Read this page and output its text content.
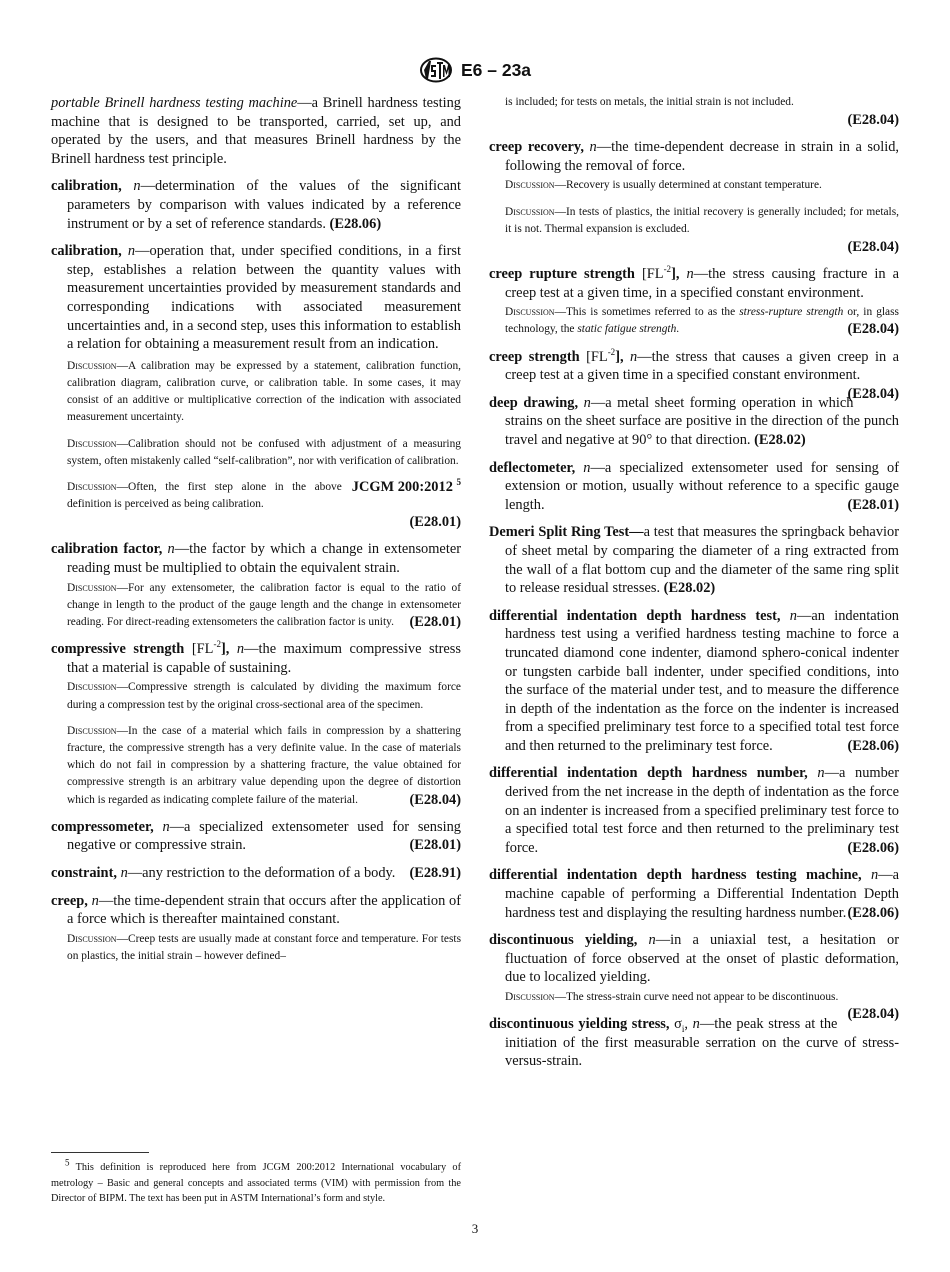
E6 – 23a

portable Brinell hardness testing machine—a Brinell hardness testing machine that is designed to be transported, carried, set up, and operated by the users, and that measures Brinell hardness by the Brinell hardness test principle.

calibration, n—determination of the values of the significant parameters by comparison with values indicated by a reference instrument or by a set of reference standards. (E28.06)

calibration, n—operation that, under specified conditions, in a first step, establishes a relation between the quantity values with measurement uncertainties provided by measurement standards and corresponding indications with associated measurement uncertainties and, in a second step, uses this information to establish a relation for obtaining a measurement result from an indication.

Discussion—A calibration may be expressed by a statement, calibration function, calibration diagram, calibration curve, or calibration table. In some cases, it may consist of an additive or multiplicative correction of the indication with associated measurement uncertainty.
Discussion—Calibration should not be confused with adjustment of a measuring system, often mistakenly called “self-calibration”, nor with verification of calibration.
JCGM 200:2012 $^5$
Discussion—Often, the first step alone in the above definition is perceived as being calibration.
(E28.01)

calibration factor, n—the factor by which a change in extensometer reading must be multiplied to obtain the equivalent strain.

Discussion—For any extensometer, the calibration factor is equal to the ratio of change in length to the product of the gauge length and the change in extensometer reading. For direct-reading extensometers the calibration factor is unity. (E28.01)

compressive strength $[FL^{-2}]$, n—the maximum compressive stress that a material is capable of sustaining.

Discussion—Compressive strength is calculated by dividing the maximum force during a compression test by the original cross-sectional area of the specimen.
Discussion—In the case of a material which fails in compression by a shattering fracture, the compressive strength has a very definite value. In the case of materials which do not fail in compression by a shattering fracture, the value obtained for compressive strength is an arbitrary value depending upon the degree of distortion which is regarded as indicating complete failure of the material.	(E28.04)

compressometer, n—a specialized extensometer used for sensing negative or compressive strain.	(E28.01)

constraint, n—any restriction to the deformation of a body. (E28.91)

creep, n—the time-dependent strain that occurs after the application of a force which is thereafter maintained constant.

Discussion—Creep tests are usually made at constant force and temperature. For tests on plastics, the initial strain – however defined–
$^5$ This definition is reproduced here from JCGM 200:2012 International vocabulary of metrology – Basic and general concepts and associated terms (VIM) with permission from the Director of BIPM. The text has been put in ASTM International’s form and style.
is included; for tests on metals, the initial strain is not included.
(E28.04)

creep recovery, n—the time-dependent decrease in strain in a solid, following the removal of force.

Discussion—Recovery is usually determined at constant temperature.
Discussion—In tests of plastics, the initial recovery is generally included; for metals, it is not. Thermal expansion is excluded.
(E28.04)

creep rupture strength $[FL^{-2}]$, n—the stress causing fracture in a creep test at a given time, in a specified constant environment.

Discussion—This is sometimes referred to as the stress-rupture strength or, in glass technology, the static fatigue strength.	(E28.04)

creep strength $[FL^{-2}]$, n—the stress that causes a given creep in a creep test at a given time in a specified constant environment.
(E28.04)

deep drawing, n—a metal sheet forming operation in which strains on the sheet surface are positive in the direction of the punch travel and negative at 90° to that direction. (E28.02)

deflectometer, n—a specialized extensometer used for sensing of extension or motion, usually without reference to a specific gauge length.	(E28.01)

Demeri Split Ring Test—a test that measures the springback behavior of sheet metal by comparing the diameter of a ring extracted from the wall of a flat bottom cup and the diameter of the same ring split to release residual stresses. (E28.02)

differential indentation depth hardness test, n—an indentation hardness test using a verified hardness testing machine to force a truncated diamond cone indenter, diamond sphero-conical indenter or tungsten carbide ball indenter, under specified conditions, into the surface of the material under test, and to measure the difference in depth of the indentation as the force on the indenter is increased from a specified preliminary test force to a specified total test force and then returned to the preliminary test force.	(E28.06)

differential indentation depth hardness number, n—a number derived from the net increase in the depth of indentation as the force on an indenter is increased from a specified preliminary test force to a specified total test force and then returned to the preliminary test force.	(E28.06)

differential indentation depth hardness testing machine, n—a machine capable of performing a Differential Indentation Depth hardness test and displaying the resulting hardness number. (E28.06)

discontinuous yielding, n—in a uniaxial test, a hesitation or fluctuation of force observed at the onset of plastic deformation, due to localized yielding.

Discussion—The stress-strain curve need not appear to be discontinuous.
(E28.04)

discontinuous yielding stress, $\sigma_i$, n—the peak stress at the initiation of the first measurable serration on the curve of stress-versus-strain.

3
